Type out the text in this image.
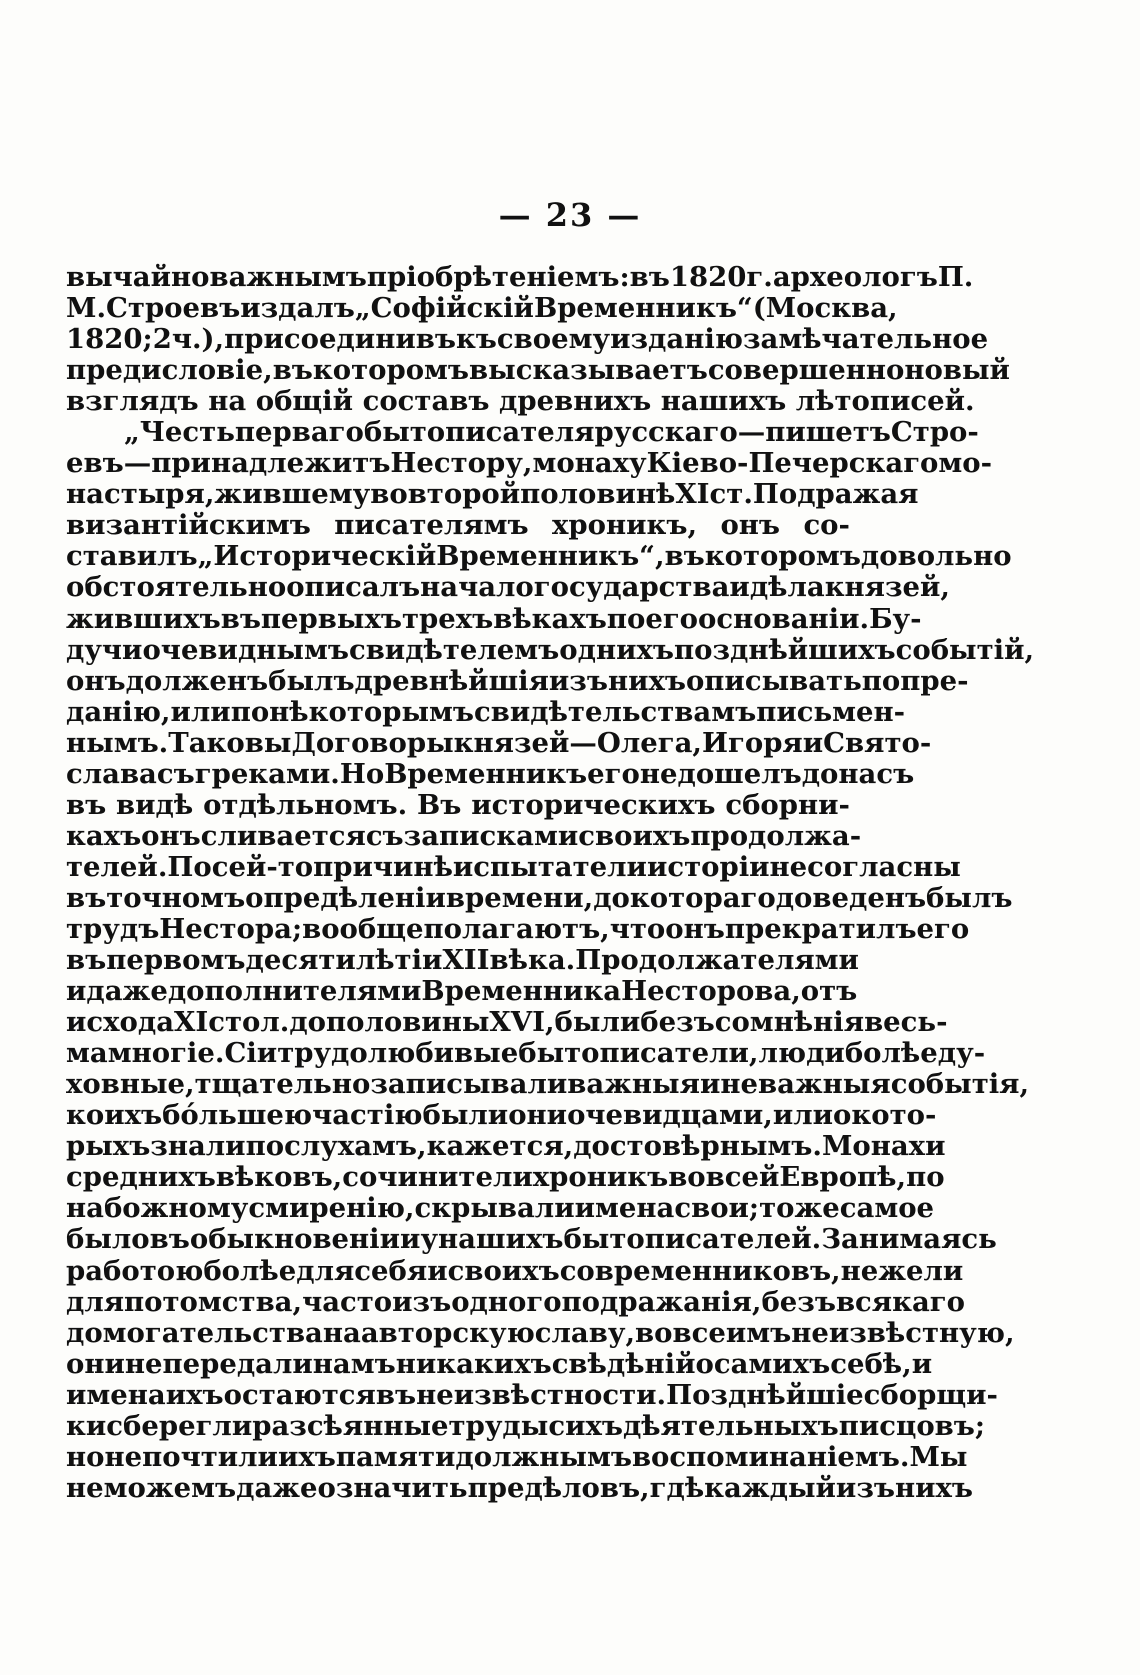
— 23 —
вычайно важнымъ пріобрѣтеніемъ: въ 1820 г. археологъ П.
М. Строевъ издалъ „Софійскій Временникъ“ (Москва,
1820; 2 ч.), присоединивъ къ своему изданію замѣчательное
предисловіе, въ которомъ высказываетъ совершенно новый
взглядъ на общій составъ древнихъ нашихъ лѣтописей.
„Честь перваго бытописателя русскаго — пишетъ Стро-
евъ—принадлежитъ Нестору, монаху Кіево-Печерскаго мо-
настыря, жившему во второй половинѣ XI ст. Подражая
византійскимъ писателямъ хроникъ, онъ со-
ставилъ „Историческій Временникъ“, въ которомъ довольно
обстоятельно описалъ начало государства и дѣла князей,
жившихъ въ первыхъ трехъ вѣкахъ по его основаніи. Бу-
дучи очевиднымъ свидѣтелемъ однихъ позднѣйшихъ событій,
онъ долженъ былъ древнѣйшія изъ нихъ описывать по пре-
данію, или по нѣкоторымъ свидѣтельствамъ письмен-
нымъ. Таковы Договоры князей — Олега, Игоря и Свято-
слава съ греками. Но Временникъ его не дошелъ до насъ
въ видѣ отдѣльномъ. Въ историческихъ сборни-
кахъ онъ сливается съ записками своихъ продолжа-
телей. По сей-то причинѣ испытатели исторіи не согласны
въ точномъ опредѣленіи времени, до котораго доведенъ былъ
трудъ Нестора; вообще полагаютъ, что онъ прекратилъ его
въ первомъ десятилѣтіи XII вѣка. Продолжателями
и даже дополнителями Временника Несторова, отъ
исхода XI стол. до половины XVI, были безъ сомнѣнія весь-
ма многіе. Сіи трудолюбивые бытописатели, люди болѣе ду-
ховные, тщательно записывали важныя и не важныя событія,
коихъ бóльшею частію были они очевидцами, или о кото-
рыхъ знали по слухамъ, кажется, достовѣрнымъ. Монахи
среднихъ вѣковъ, сочинители хроникъ во всей Европѣ, по
набожному смиренію, скрывали имена свои; то же самое
было въ обыкновеніи и у нашихъ бытописателей. Занимаясь
работою болѣе для себя и своихъ современниковъ, нежели
для потомства, часто изъ одного подражанія, безъ всякаго
домогательства на авторскую славу, вовсе имъ неизвѣстную,
они не передали намъ никакихъ свѣдѣній о самихъ себѣ, и
имена ихъ остаются въ неизвѣстности. Позднѣйшіе сборщи-
ки сберегли разсѣянные труды сихъ дѣятельныхъ писцовъ;
но не почтили ихъ памяти должнымъ воспоминаніемъ. Мы
не можемъ даже означить предѣловъ, гдѣ каждый изъ нихъ
